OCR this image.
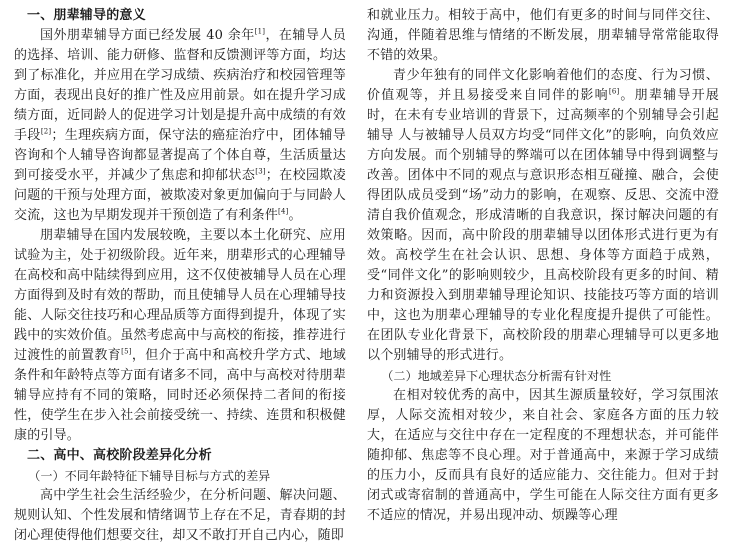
一、朋辈辅导的意义

国外朋辈辅导方面已经发展 40 余年[1]，在辅导人员的选择、培训、能力研修、监督和反馈测评等方面，均达到了标准化，并应用在学习成绩、疾病治疗和校园管理等方面，表现出良好的推广性及应用前景。如在提升学习成绩方面，近同龄人的促进学习计划是提升高中成绩的有效手段[2]；生理疾病方面，保守法的癌症治疗中，团体辅导咨询和个人辅导咨询都显著提高了个体自尊，生活质量达到可接受水平，并减少了焦虑和抑郁状态[3]；在校园欺凌问题的干预与处理方面，被欺凌对象更加偏向于与同龄人交流，这也为早期发现并干预创造了有利条件[4]。

朋辈辅导在国内发展较晚，主要以本土化研究、应用试验为主，处于初级阶段。近年来，朋辈形式的心理辅导在高校和高中陆续得到应用，这不仅使被辅导人员在心理方面得到及时有效的帮助，而且使辅导人员在心理辅导技能、人际交往技巧和心理品质等方面得到提升，体现了实践中的实效价值。虽然考虑高中与高校的衔接，推荐进行过渡性的前置教育[5]，但介于高中和高校升学方式、地域条件和年龄特点等方面有诸多不同，高中与高校对待朋辈辅导应持有不同的策略，同时还必须保持二者间的衔接性，使学生在步入社会前接受统一、持续、连贯和积极健康的引导。

二、高中、高校阶段差异化分析
（一）不同年龄特征下辅导目标与方式的差异

高中学生社会生活经验少，在分析问题、解决问题、规则认知、个性发展和情绪调节上存在不足，青春期的封闭心理使得他们想要交往，却又不敢打开自己内心，随即

和就业压力。相较于高中，他们有更多的时间与同伴交往、沟通，伴随着思维与情绪的不断发展，朋辈辅导常常能取得不错的效果。

青少年独有的同伴文化影响着他们的态度、行为习惯、价值观等，并且易接受来自同伴的影响[6]。朋辈辅导开展时，在未有专业培训的背景下，过高频率的个别辅导会引起辅导 人与被辅导人员双方均受“同伴文化”的影响，向负效应方向发展。而个别辅导的弊端可以在团体辅导中得到调整与改善。团体中不同的观点与意识形态相互碰撞、融合，会使得团队成员受到“场”动力的影响，在观察、反思、交流中澄清自我价值观念，形成清晰的自我意识，探讨解决问题的有效策略。因而，高中阶段的朋辈辅导以团体形式进行更为有效。高校学生在社会认识、思想、身体等方面趋于成熟，受“同伴文化”的影响则较少，且高校阶段有更多的时间、精力和资源投入到朋辈辅导理论知识、技能技巧等方面的培训中，这也为朋辈心理辅导的专业化程度提升提供了可能性。在团队专业化背景下，高校阶段的朋辈心理辅导可以更多地以个别辅导的形式进行。

（二）地域差异下心理状态分析需有针对性

在相对较优秀的高中，因其生源质量较好，学习氛围浓厚，人际交流相对较少，来自社会、家庭各方面的压力较大，在适应与交往中存在一定程度的不理想状态，并可能伴随抑郁、焦虑等不良心理。对于普通高中，来源于学习成绩的压力小，反而具有良好的适应能力、交往能力。但对于封闭式或寄宿制的普通高中，学生可能在人际交往方面有更多不适应的情况，并易出现冲动、烦躁等心理
